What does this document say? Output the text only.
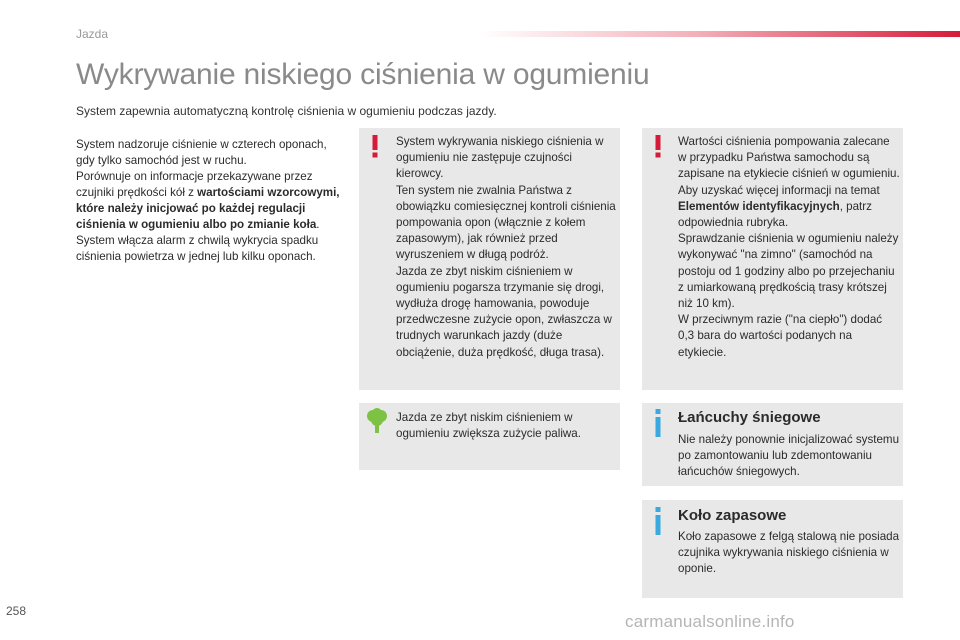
Jazda
Wykrywanie niskiego ciśnienia w ogumieniu
System zapewnia automatyczną kontrolę ciśnienia w ogumieniu podczas jazdy.
System nadzoruje ciśnienie w czterech oponach, gdy tylko samochód jest w ruchu.
Porównuje on informacje przekazywane przez czujniki prędkości kół z wartościami wzorcowymi, które należy inicjować po każdej regulacji ciśnienia w ogumieniu albo po zmianie koła.
System włącza alarm z chwilą wykrycia spadku ciśnienia powietrza w jednej lub kilku oponach.
System wykrywania niskiego ciśnienia w ogumieniu nie zastępuje czujności kierowcy.
Ten system nie zwalnia Państwa z obowiązku comiesięcznej kontroli ciśnienia pompowania opon (włącznie z kołem zapasowym), jak również przed wyruszeniem w długą podróż.
Jazda ze zbyt niskim ciśnieniem w ogumieniu pogarsza trzymanie się drogi, wydłuża drogę hamowania, powoduje przedwczesne zużycie opon, zwłaszcza w trudnych warunkach jazdy (duże obciążenie, duża prędkość, długa trasa).
Wartości ciśnienia pompowania zalecane w przypadku Państwa samochodu są zapisane na etykiecie ciśnień w ogumieniu.
Aby uzyskać więcej informacji na temat Elementów identyfikacyjnych, patrz odpowiednia rubryka.
Sprawdzanie ciśnienia w ogumieniu należy wykonywać "na zimno" (samochód na postoju od 1 godziny albo po przejechaniu z umiarkowaną prędkością trasy krótszej niż 10 km).
W przeciwnym razie ("na ciepło") dodać 0,3 bara do wartości podanych na etykiecie.
Jazda ze zbyt niskim ciśnieniem w ogumieniu zwiększa zużycie paliwa.
Łańcuchy śniegowe
Nie należy ponownie inicjalizować systemu po zamontowaniu lub zdemontowaniu łańcuchów śniegowych.
Koło zapasowe
Koło zapasowe z felgą stalową nie posiada czujnika wykrywania niskiego ciśnienia w oponie.
258
carmanualsonline.info
